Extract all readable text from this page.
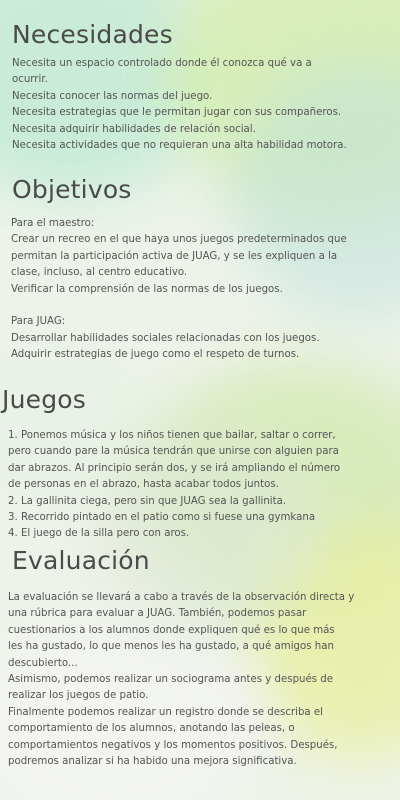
Necesidades
Necesita un espacio controlado donde él conozca qué va a
ocurrir.
Necesita conocer las normas del juego.
Necesita estrategias que le permitan jugar con sus compañeros.
Necesita adquirir habilidades de relación social.
Necesita actividades que no requieran una alta habilidad motora.
Objetivos
Para el maestro:
Crear un recreo en el que haya unos juegos predeterminados que
permitan la participación activa de JUAG, y se les expliquen a la
clase, incluso, al centro educativo.
Verificar la comprensión de las normas de los juegos.
Para JUAG:
Desarrollar habilidades sociales relacionadas con los juegos.
Adquirir estrategias de juego como el respeto de turnos.
Juegos
1. Ponemos música y los niños tienen que bailar, saltar o correr,
pero cuando pare la música tendrán que unirse con alguien para
dar abrazos. Al principio serán dos, y se irá ampliando el número
de personas en el abrazo, hasta acabar todos juntos.
2. La gallinita ciega, pero sin que JUAG sea la gallinita.
3. Recorrido pintado en el patio como si fuese una gymkana
4. El juego de la silla pero con aros.
Evaluación
La evaluación se llevará a cabo a través de la observación directa y
una rúbrica para evaluar a JUAG. También, podemos pasar
cuestionarios a los alumnos donde expliquen qué es lo que más
les ha gustado, lo que menos les ha gustado, a qué amigos han
descubierto...
Asimismo, podemos realizar un sociograma antes y después de
realizar los juegos de patio.
Finalmente podemos realizar un registro donde se describa el
comportamiento de los alumnos, anotando las peleas, o
comportamientos negativos y los momentos positivos. Después,
podremos analizar si ha habido una mejora significativa.
